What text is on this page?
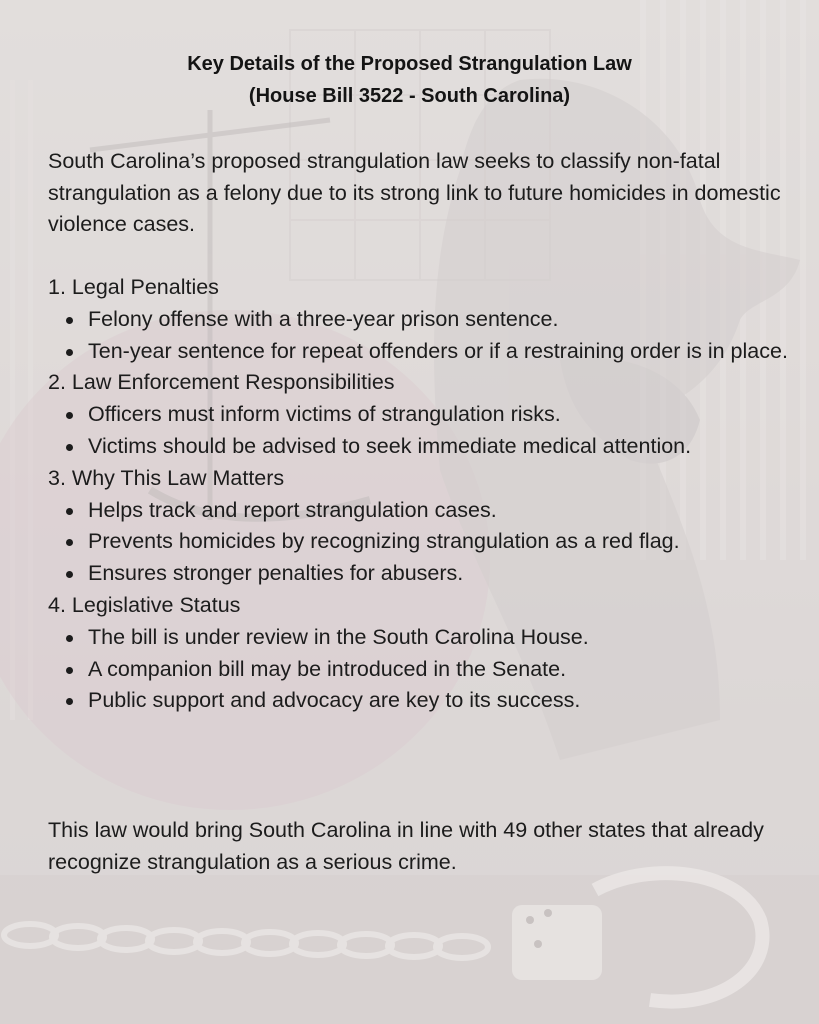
Key Details of the Proposed Strangulation Law
(House Bill 3522 - South Carolina)
South Carolina’s proposed strangulation law seeks to classify non-fatal strangulation as a felony due to its strong link to future homicides in domestic violence cases.
1. Legal Penalties
Felony offense with a three-year prison sentence.
Ten-year sentence for repeat offenders or if a restraining order is in place.
2. Law Enforcement Responsibilities
Officers must inform victims of strangulation risks.
Victims should be advised to seek immediate medical attention.
3. Why This Law Matters
Helps track and report strangulation cases.
Prevents homicides by recognizing strangulation as a red flag.
Ensures stronger penalties for abusers.
4. Legislative Status
The bill is under review in the South Carolina House.
A companion bill may be introduced in the Senate.
Public support and advocacy are key to its success.
This law would bring South Carolina in line with 49 other states that already recognize strangulation as a serious crime.
